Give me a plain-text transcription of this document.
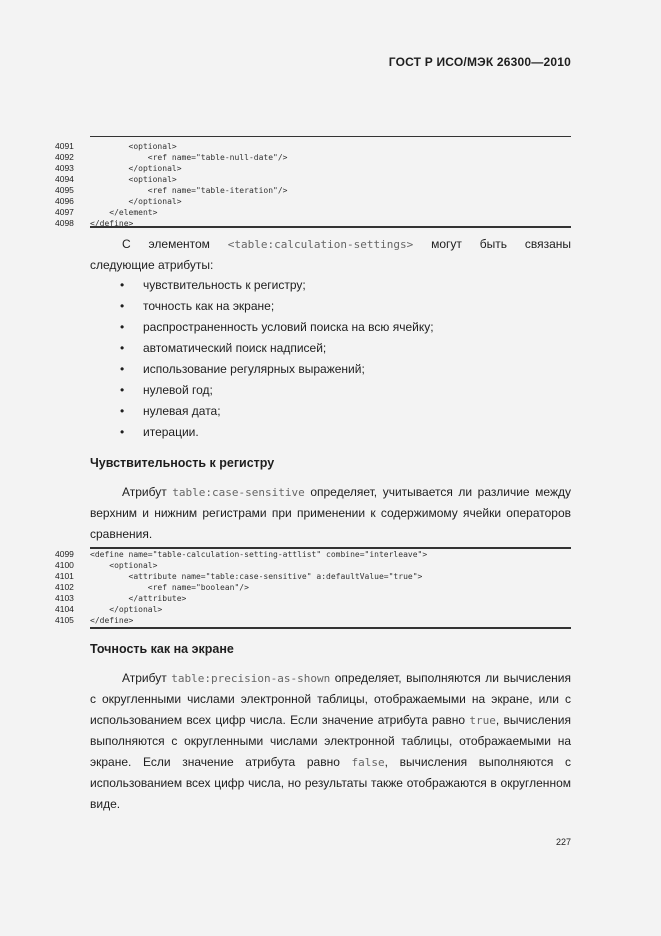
ГОСТ Р ИСО/МЭК 26300—2010
4091	<optional>
4092	<ref name="table-null-date"/>
4093	</optional>
4094	<optional>
4095	<ref name="table-iteration"/>
4096	</optional>
4097	</element>
4098	</define>
С элементом <table:calculation-settings> могут быть связаны
следующие атрибуты:
• чувствительность к регистру;
• точность как на экране;
• распространенность условий поиска на всю ячейку;
• автоматический поиск надписей;
• использование регулярных выражений;
• нулевой год;
• нулевая дата;
• итерации.
Чувствительность к регистру
Атрибут table:case-sensitive определяет, учитывается ли различие между верхним и нижним регистрами при применении к содержимому ячейки операторов сравнения.
4099	<define name="table-calculation-setting-attlist" combine="interleave">
4100	<optional>
4101	<attribute name="table:case-sensitive" a:defaultValue="true">
4102	<ref name="boolean"/>
4103	</attribute>
4104	</optional>
4105	</define>
Точность как на экране
Атрибут table:precision-as-shown определяет, выполняются ли вычисления с округленными числами электронной таблицы, отображаемыми на экране, или с использованием всех цифр числа. Если значение атрибута равно true, вычисления выполняются с округленными числами электронной таблицы, отображаемыми на экране. Если значение атрибута равно false, вычисления выполняются с использованием всех цифр числа, но результаты также отображаются в округленном виде.
227
